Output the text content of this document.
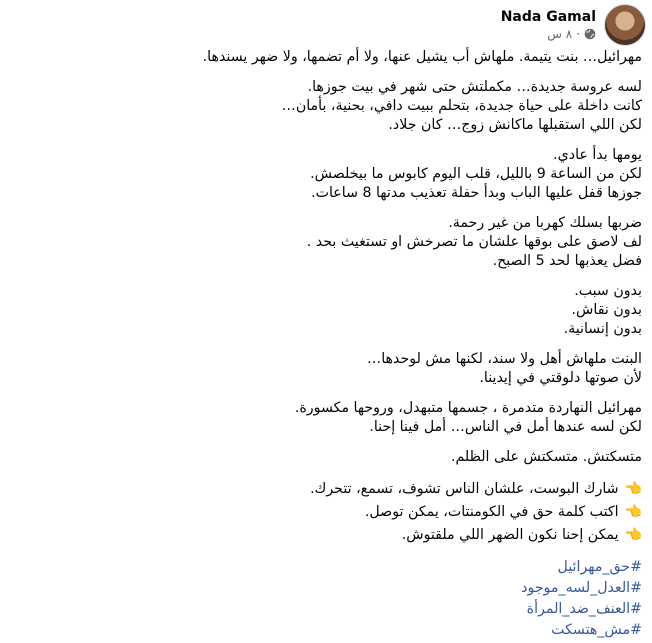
Nada Gamal
٨ س ·
مهرائيل… بنت يتيمة. ملهاش أب يشيل عنها، ولا أم تضمها، ولا ضهر يسندها.
لسه عروسة جديدة… مكملتش حتى شهر في بيت جوزها.
كانت داخلة على حياة جديدة، بتحلم ببيت دافي، بحنية، بأمان…
لكن اللي استقبلها ماكانش زوج… كان جلاد.
يومها بدأ عادي.
لكن من الساعة 9 بالليل، قلب اليوم كابوس ما بيخلصش.
جوزها قفل عليها الباب وبدأ حفلة تعذيب مدتها 8 ساعات.
ضربها بسلك كهربا من غير رحمة.
لف لاصق على بوقها علشان ما تصرخش او تستغيث بحد .
فضل يعذبها لحد 5 الصبح.
بدون سبب.
بدون نقاش.
بدون إنسانية.
البنت ملهاش أهل ولا سند، لكنها مش لوحدها…
لأن صوتها دلوقتي في إيدينا.
مهرائيل النهاردة متدمرة ، جسمها متبهدل، وروحها مكسورة.
لكن لسه عندها أمل في الناس… أمل فينا إحنا.
متسكتش. متسكتش على الظلم.
👈شارك البوست، علشان الناس تشوف، تسمع، تتحرك.
👈اكتب كلمة حق في الكومنتات، يمكن توصل.
👈يمكن إحنا نكون الضهر اللي ملقتوش.
#حق_مهرائيل
#العدل_لسه_موجود
#العنف_ضد_المرأة
#مش_هتسكت
